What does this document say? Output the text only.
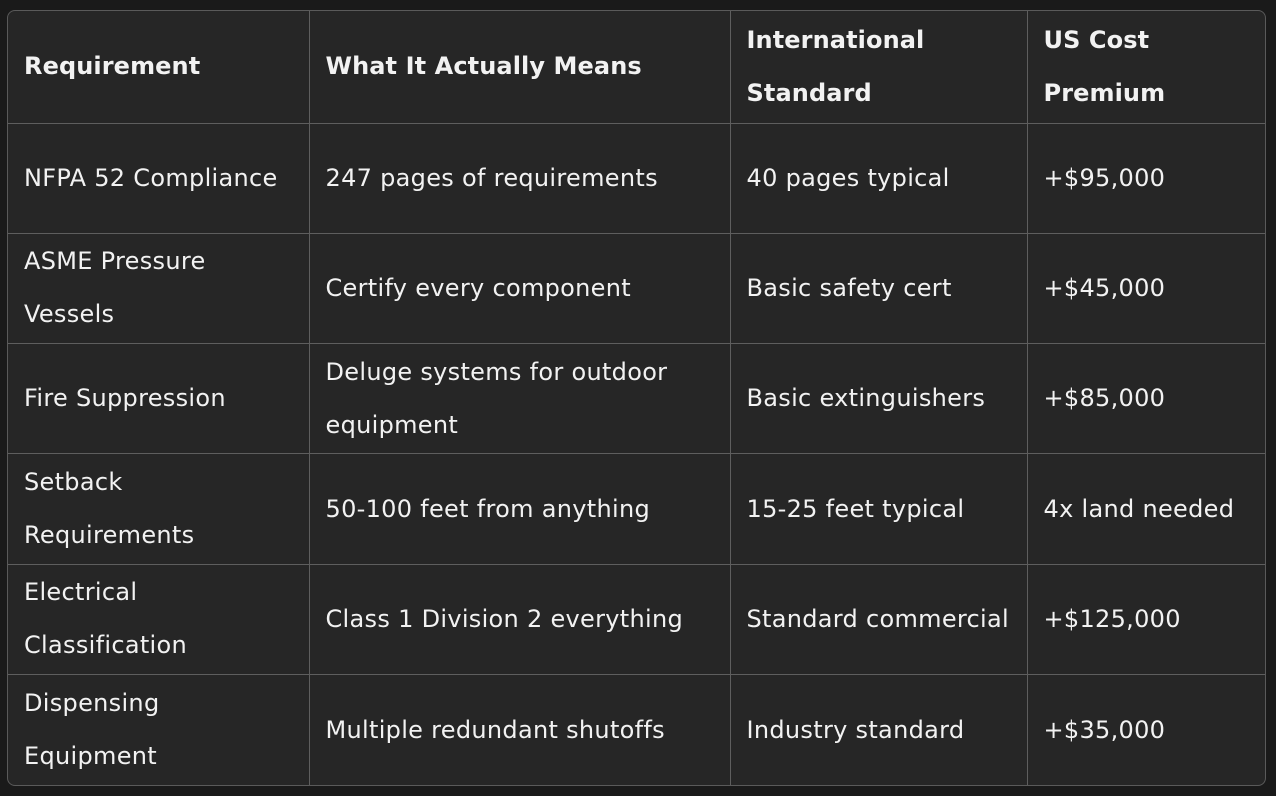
Requirement	What It Actually Means	International Standard	US Cost Premium
NFPA 52 Compliance	247 pages of requirements	40 pages typical	+$95,000
ASME Pressure Vessels	Certify every component	Basic safety cert	+$45,000
Fire Suppression	Deluge systems for outdoor equipment	Basic extinguishers	+$85,000
Setback Requirements	50-100 feet from anything	15-25 feet typical	4x land needed
Electrical Classification	Class 1 Division 2 everything	Standard commercial	+$125,000
Dispensing Equipment	Multiple redundant shutoffs	Industry standard	+$35,000
